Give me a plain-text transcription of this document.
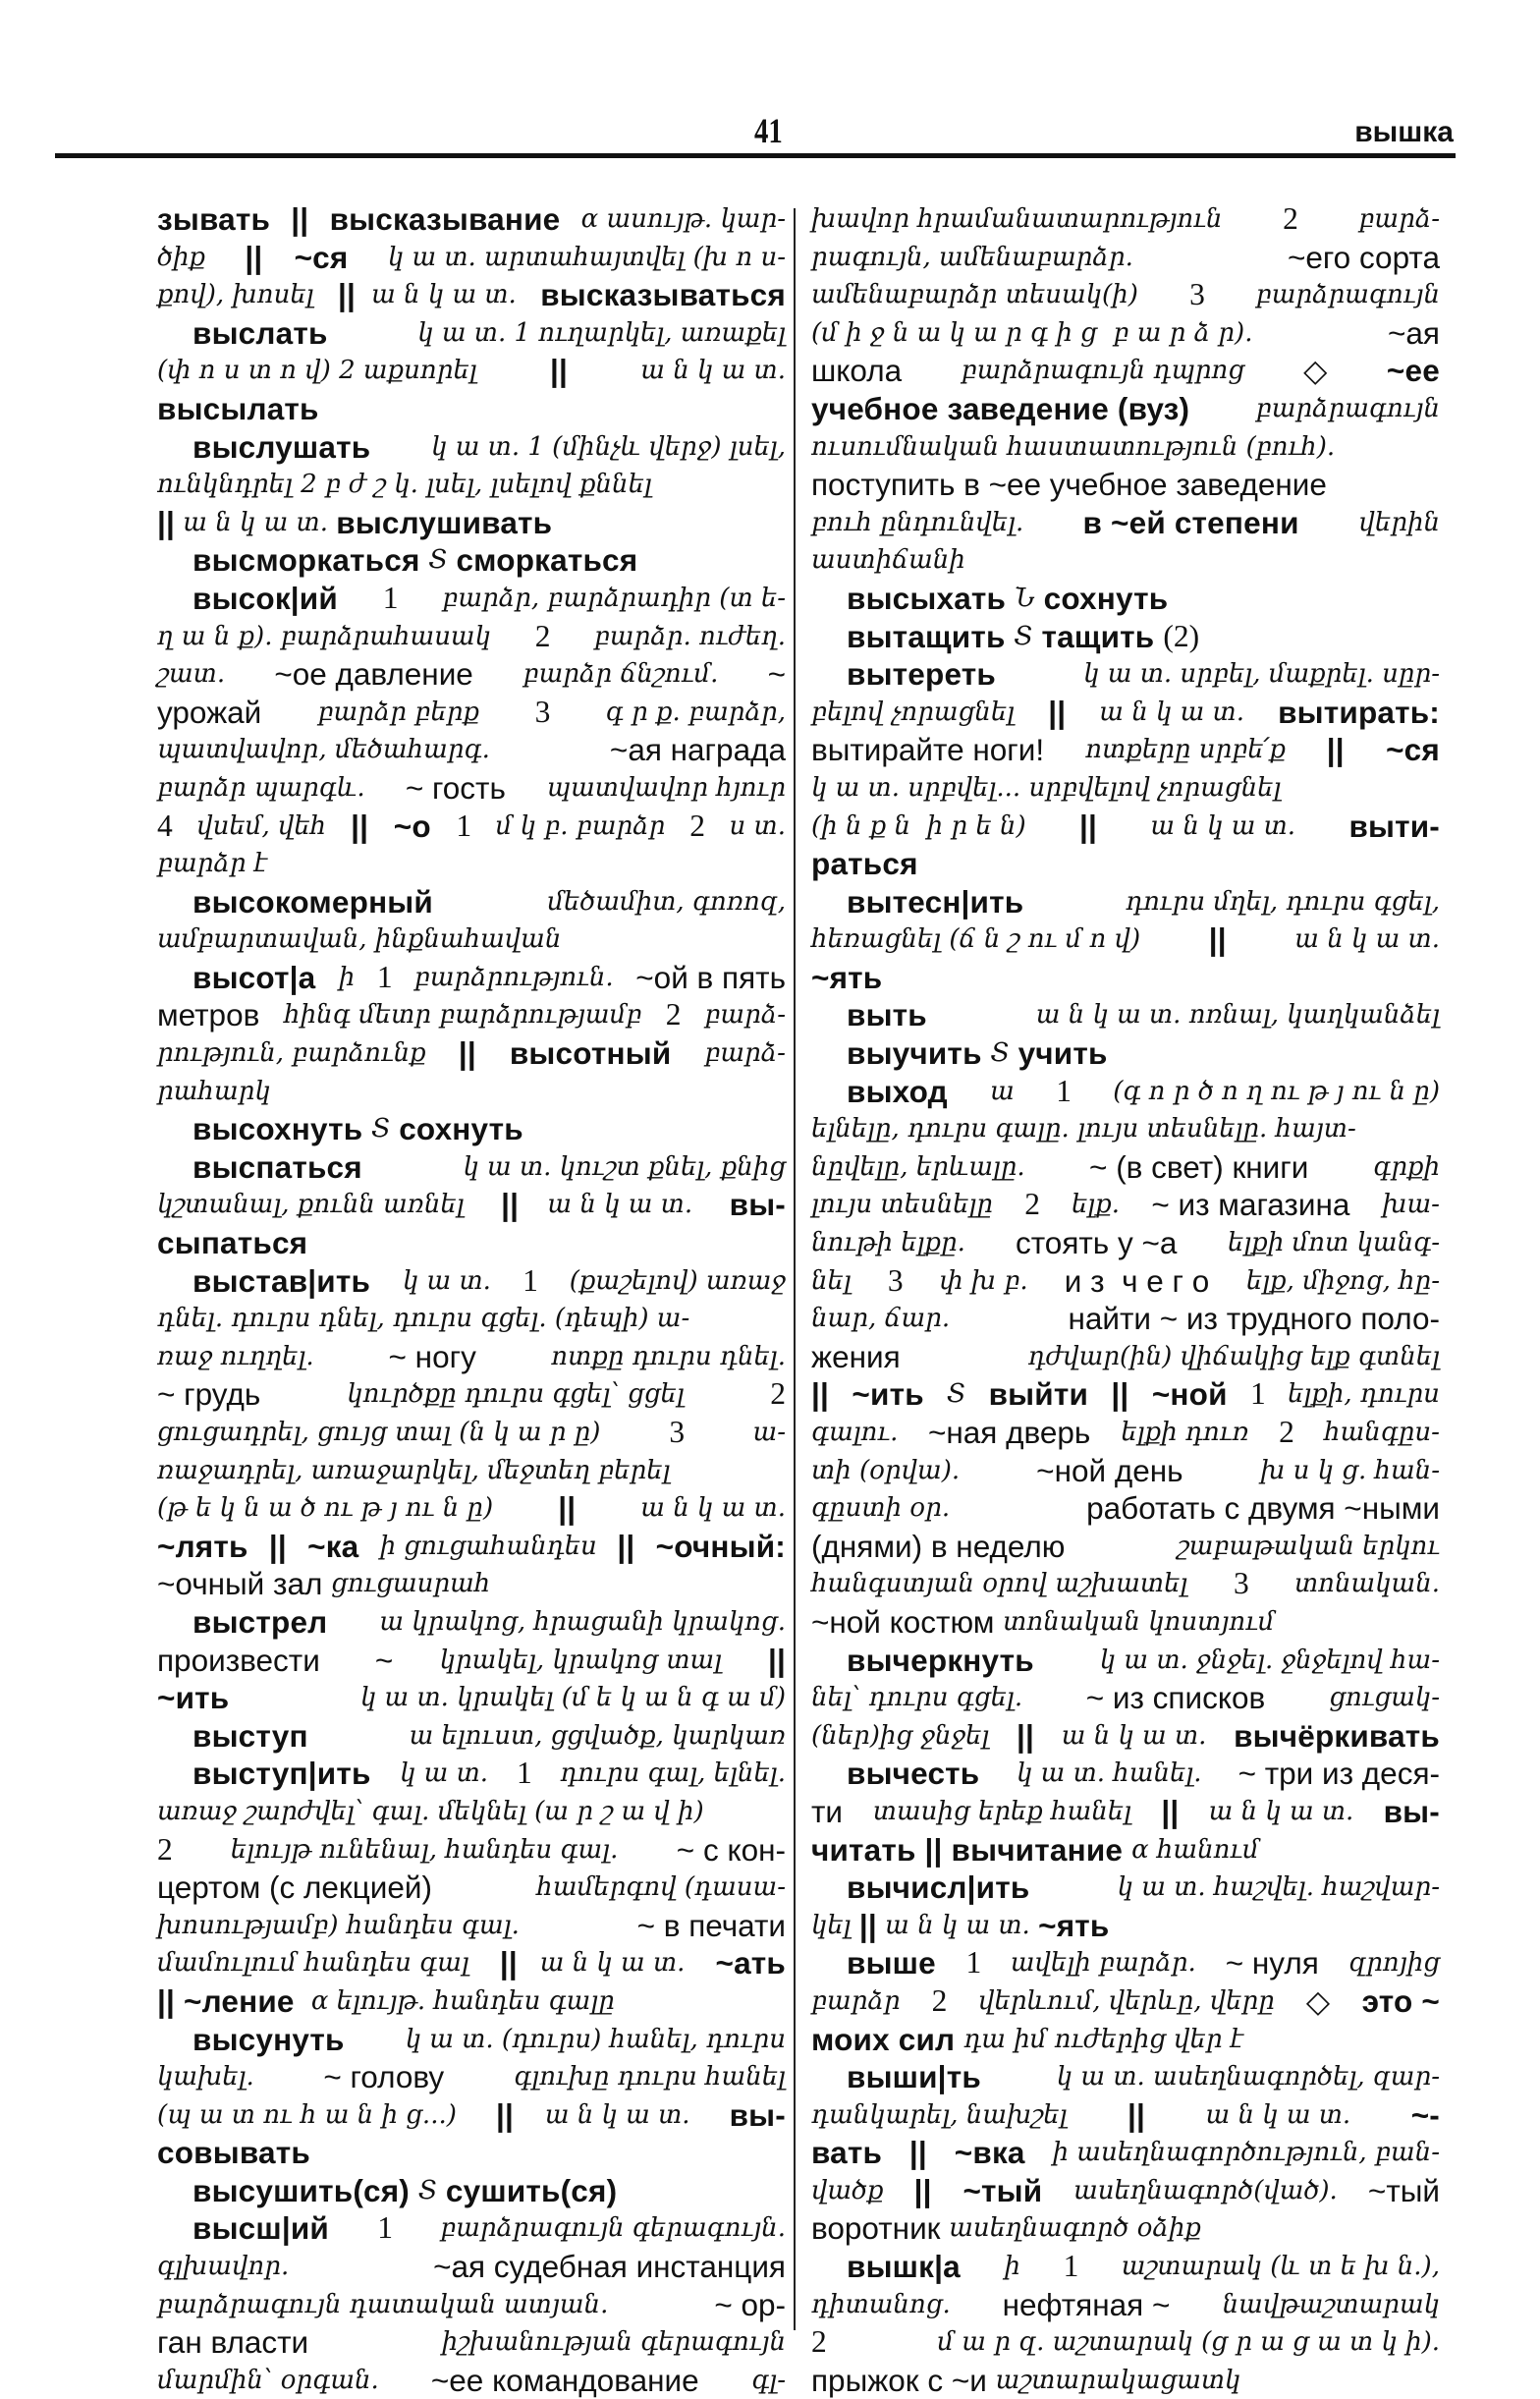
41	вышка
зывать || высказывание ɑ ասույթ. կար-
ծիք || ~ся կ ա տ. արտահայտվել (խ ո ս-
քով), խոսել || ա ն կ ա տ. высказываться
выслать	կ ա տ. 1 ուղարկել, առաքել
(փ ո ս տ ո վ) 2 աքսորել ||	ա ն կ ա տ.
высылать
выслушать կ ա տ. 1 (մինչև վերջ) լսել,
ունկնդրել 2 բ ժ շ կ. լսել, լսելով քննել
|| ա ն կ ա տ. выслушивать
высморкаться Տ сморкаться
высок|ий 1 բարձր, բարձրադիր (տ ե-
ղ ա ն ք). բարձրահասակ 2 բարձր. ուժեղ.
շատ. ~ое давление բարձր ճնշում. ~
урожай բարձր բերք 3 գ ր ք. բարձր,
պատվավոր, մեծահարգ.	~ая награда
բարձր պարգև. ~ гость պատվավոր հյուր
4 վսեմ, վեհ || ~о 1 մ կ բ. բարձր 2 ս տ.
բարձր է
высокомерный	մեծամիտ, գոռոզ,
ամբարտավան, ինքնահավան
высот|а ի 1 բարձրություն. ~ой в пять
метров հինգ մետր բարձրությամբ 2 բարձ-
րություն, բարձունք || высотный բարձ-
րահարկ
высохнуть Տ сохнуть
выспаться	կ ա տ. կուշտ քնել, քնից
կշտանալ, քունն առնել || ա ն կ ա տ. вы-
сыпаться
выстав|ить կ ա տ. 1 (քաշելով) առաջ
դնել. դուրս դնել, դուրս գցել. (դեպի) ա-
ռաջ ուղղել. ~ ногу	ոտքը դուրս դնել.
~ грудь	կուրծքը դուրս գցել՝ ցցել	2
ցուցադրել, ցույց տալ (ն կ ա ր ը) 3 ա-
ռաջադրել, առաջարկել, մեջտեղ բերել
(թ ե կ ն ա ծ ու թ յ ու ն ը) || ա ն կ ա տ.
~лять || ~ка ի ցուցահանդես || ~очный:
~очный зал ցուցասրահ
выстрел ա կրակոց, հրացանի կրակոց.
произвести ~ կրակել, կրակոց տալ ||
~ить	կ ա տ. կրակել (մ ե կ ա ն գ ա մ)
выступ	ա ելուստ, ցցվածք, կարկառ
выступ|ить կ ա տ. 1 դուրս գալ, ելնել.
առաջ շարժվել՝ գալ. մեկնել (ա ր շ ա վ ի)
2 ելույթ ունենալ, հանդես գալ. ~ с кон-
цертом (с лекцией)	համերգով (դասա-
խոսությամբ) հանդես գալ.	~ в печати
մամուլում հանդես գալ || ա ն կ ա տ. ~ать
|| ~ление ɑ ելույթ. հանդես գալը
высунуть կ ա տ. (դուրս) հանել, դուրս
կախել. ~ голову գլուխը դուրս հանել
(պ ա տ ու հ ա ն ի ց...) || ա ն կ ա տ. вы-
совывать
высушить(ся) Տ сушить(ся)
высш|ий 1 բարձրագույն գերագույն.
գլխավոր.	~ая судебная инстанция
բարձրագույն դատական ատյան.	~ ор-
ган власти	իշխանության գերագույն
մարմին՝ օրգան. ~ее командование գլ-
խավոր հրամանատարություն 2 բարձ-
րագույն, ամենաբարձր.	~его сорта
ամենաբարձր տեսակ(ի) 3 բարձրագույն
(մ ի ջ ն ա կ ա ր գ ի ց  բ ա ր ձ ր).	~ая
школа բարձրագույն դպրոց ◇ ~ее
учебное заведение (вуз) բարձրագույն
ուսումնական հաստատություն (բուհ).
поступить в ~ее учебное заведение
բուհ ընդունվել. в ~ей степени վերին
աստիճանի
высыхать Ն сохнуть
вытащить Տ тащить (2)
вытереть	կ ա տ. սրբել, մաքրել. սըր-
բելով չորացնել || ա ն կ ա տ. вытирать:
вытирайте ноги! ոտքերը սրբե՛ք || ~ся
կ ա տ. սրբվել... սրբվելով չորացնել
(ի ն ք ն  ի ր ե ն) || ա ն կ ա տ. выти-
раться
вытесн|ить	դուրս մղել, դուրս գցել,
հեռացնել (ճ ն շ ու մ ո վ) || ա ն կ ա տ.
~ять
выть	ա ն կ ա տ. ոռնալ, կաղկանձել
выучить Տ учить
выход ա 1 (գ ո ր ծ ո ղ ու թ յ ու ն ը)
ելնելը, դուրս գալը. լույս տեսնելը. հայտ-
նըվելը, երևալը. ~ (в свет) книги գրքի
լույս տեսնելը 2 ելք. ~ из магазина խա-
նութի ելքը. стоять у ~а ելքի մոտ կանգ-
նել 3 փ խ բ. и з  ч е г о ելք, միջոց, հը-
նար, ճար.	найти ~ из трудного поло-
жения	դժվար(ին) վիճակից ելք գտնել
|| ~ить Տ выйти || ~ной 1 ելքի, դուրս
գալու. ~ная дверь ելքի դուռ 2 հանգըս-
տի (օրվա). ~ной день	խ ս կ ց. հան-
գըստի օր.	работать с двумя ~ными
(днями) в неделю	շաբաթական երկու
հանգստյան օրով աշխատել 3 տոնական.
~ной костюм տոնական կոստյում
вычеркнуть կ ա տ. ջնջել. ջնջելով հա-
նել՝ դուրս գցել. ~ из списков ցուցակ-
(ներ)ից ջնջել || ա ն կ ա տ. вычёркивать
вычесть կ ա տ. հանել. ~ три из деся-
ти տասից երեք հանել || ա ն կ ա տ. вы-
читать || вычитание ɑ հանում
вычисл|ить	կ ա տ. հաշվել. հաշվար-
կել || ա ն կ ա տ. ~ять
выше 1 ավելի բարձր. ~ нуля զրոյից
բարձր 2 վերևում, վերևը, վերը ◇ это ~
моих сил դա իմ ուժերից վեր է
выши|ть	կ ա տ. ասեղնագործել, զար-
դանկարել, նախշել || ա ն կ ա տ. ~-
вать || ~вка ի ասեղնագործություն, բան-
վածք || ~тый ասեղնագործ(ված). ~тый
воротник ասեղնագործ օձիք
вышк|а ի 1 աշտարակ (և տ ե խ ն.),
դիտանոց. нефтяная ~ նավթաշտարակ
2	մ ա ր զ. աշտարակ (ց ր ա ց ա տ կ ի).
прыжок с ~и աշտարակացատկ
